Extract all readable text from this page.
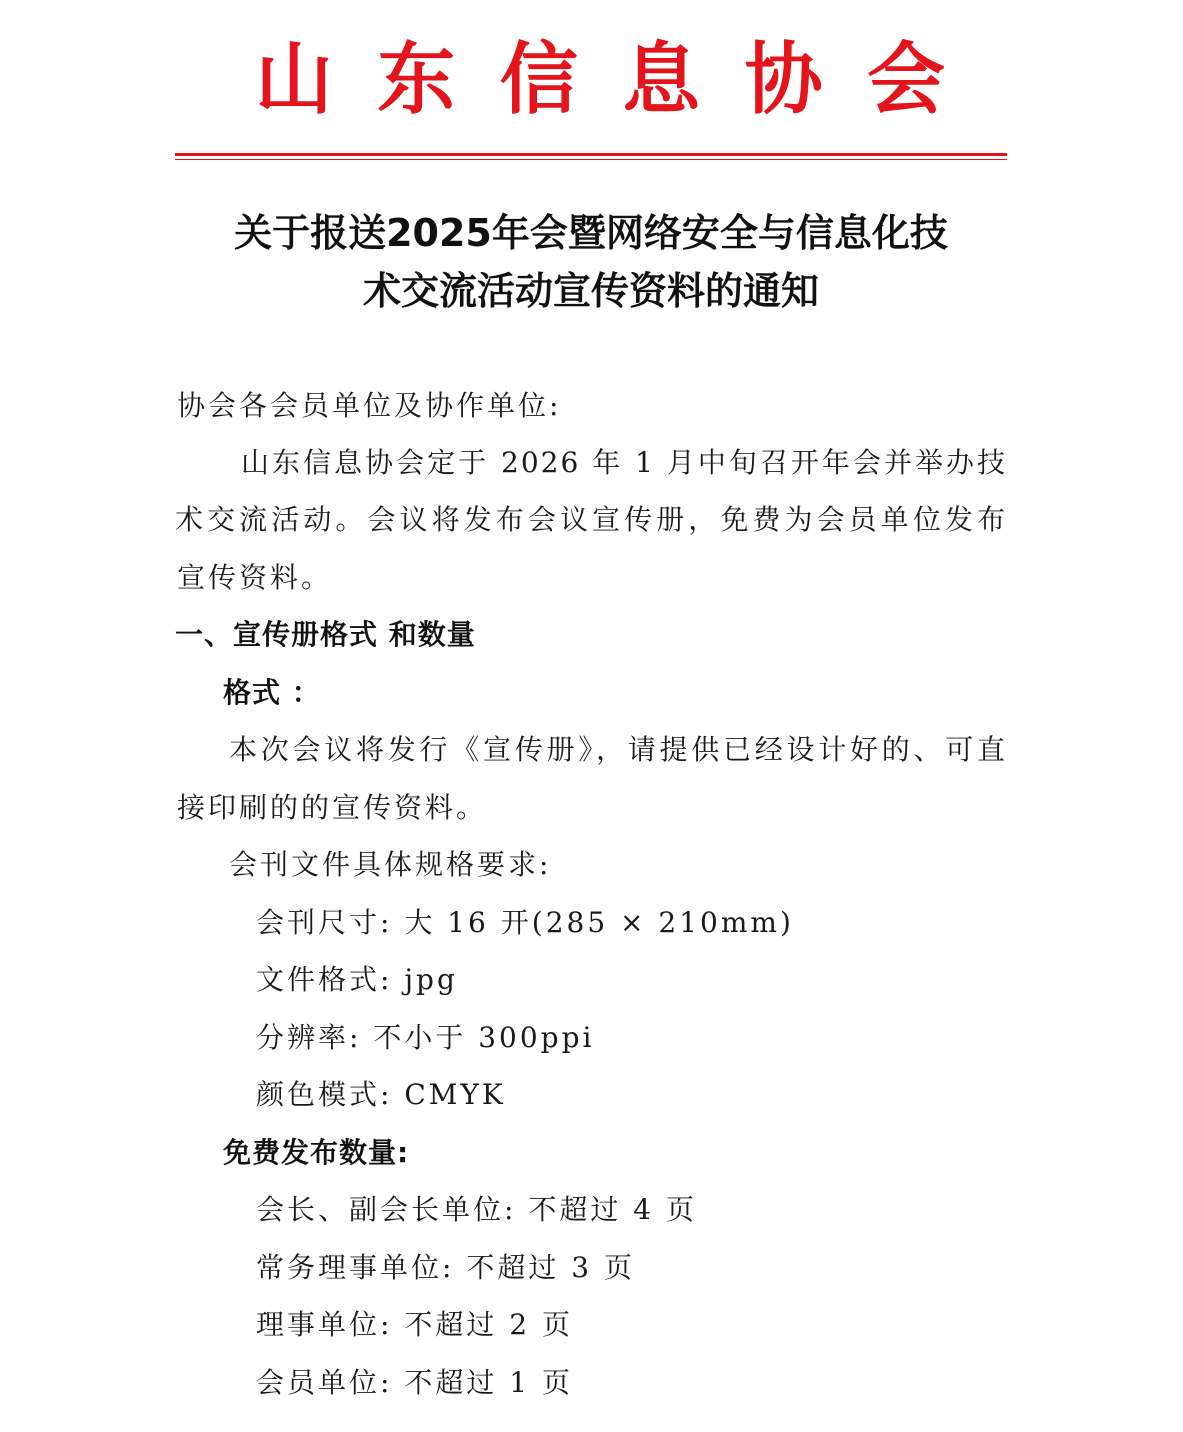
山 东 信 息 协 会
关于报送2025年会暨网络安全与信息化技
术交流活动宣传资料的通知
协会各会员单位及协作单位:
山东信息协会定于 2026 年 1 月中旬召开年会并举办技
术交流活动。会议将发布会议宣传册，免费为会员单位发布
宣传资料。
一、宣传册格式 和数量
格式 ：
本次会议将发行《宣传册》，请提供已经设计好的、可直
接印刷的的宣传资料。
会刊文件具体规格要求:
会刊尺寸: 大 16 开(285 × 210mm)
文件格式: jpg
分辨率: 不小于 300ppi
颜色模式: CMYK
免费发布数量:
会长、副会长单位: 不超过 4 页
常务理事单位: 不超过 3 页
理事单位: 不超过 2 页
会员单位: 不超过 1 页
